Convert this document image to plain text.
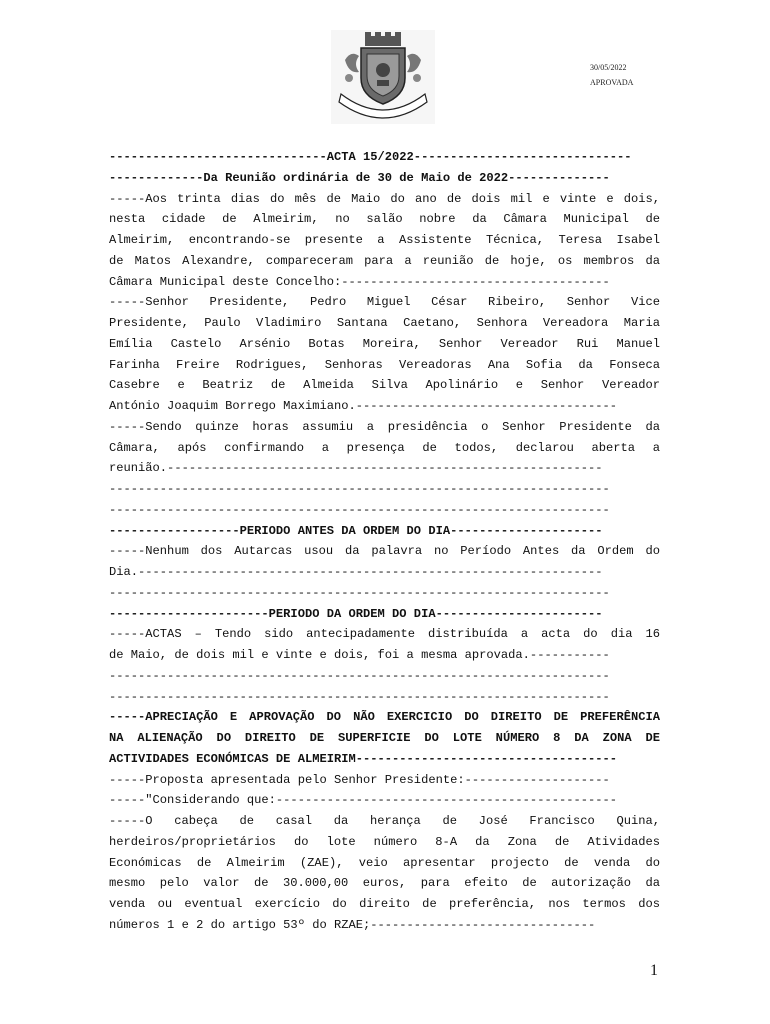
30/05/2022
APROVADA
------------------------------ACTA 15/2022------------------------------
-------------Da Reunião ordinária de 30 de Maio de 2022--------------
-----Aos trinta dias do mês de Maio do ano de dois mil e vinte e dois,
nesta cidade de Almeirim, no salão nobre da Câmara Municipal de
Almeirim, encontrando-se presente a Assistente Técnica, Teresa Isabel
de Matos Alexandre, compareceram para a reunião de hoje, os membros da
Câmara Municipal deste Concelho:-------------------------------------
-----Senhor Presidente, Pedro Miguel César Ribeiro, Senhor Vice
Presidente, Paulo Vladimiro Santana Caetano, Senhora Vereadora Maria
Emília Castelo Arsénio Botas Moreira, Senhor Vereador Rui Manuel
Farinha Freire Rodrigues, Senhoras Vereadoras Ana Sofia da Fonseca
Casebre e Beatriz de Almeida Silva Apolinário e Senhor Vereador
António Joaquim Borrego Maximiano.------------------------------------
-----Sendo quinze horas assumiu a presidência o Senhor Presidente da
Câmara, após confirmando a presença de todos, declarou aberta a
reunião.------------------------------------------------------------
---------------------------------------------------------------------
---------------------------------------------------------------------
------------------PERIODO ANTES DA ORDEM DO DIA---------------------
-----Nenhum dos Autarcas usou da palavra no Período Antes da Ordem do
Dia.----------------------------------------------------------------
---------------------------------------------------------------------
----------------------PERIODO DA ORDEM DO DIA-----------------------
-----ACTAS – Tendo sido antecipadamente distribuída a acta do dia 16
de Maio, de dois mil e vinte e dois, foi a mesma aprovada.-----------
---------------------------------------------------------------------
---------------------------------------------------------------------
-----APRECIAÇÃO E APROVAÇÃO DO NÃO EXERCICIO DO DIREITO DE PREFERÊNCIA
NA ALIENAÇÃO DO DIREITO DE SUPERFICIE DO LOTE NÚMERO 8 DA ZONA DE
ACTIVIDADES ECONÓMICAS DE ALMEIRIM------------------------------------
-----Proposta apresentada pelo Senhor Presidente:--------------------
-----"Considerando que:-----------------------------------------------
-----O cabeça de casal da herança de José Francisco Quina,
herdeiros/proprietários do lote número 8-A da Zona de Atividades
Económicas de Almeirim (ZAE), veio apresentar projecto de venda do
mesmo pelo valor de 30.000,00 euros, para efeito de autorização da
venda ou eventual exercício do direito de preferência, nos termos dos
números 1 e 2 do artigo 53º do RZAE;-------------------------------
1
